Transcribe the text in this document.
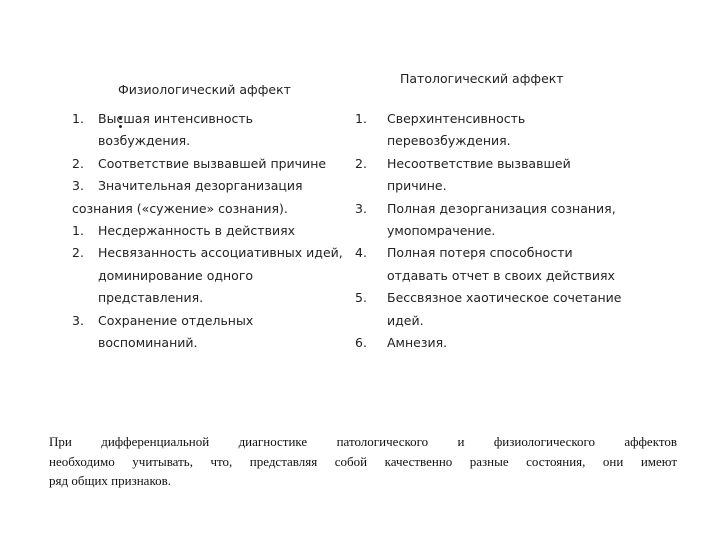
Физиологический аффект
Патологический аффект
1. Высшая интенсивность
возбуждения.
2. Соответствие вызвавшей причине
3. Значительная дезорганизация
сознания («сужение» сознания).
1. Несдержанность в действиях
2. Несвязанность ассоциативных идей,
доминирование одного
представления.
3. Сохранение отдельных
воспоминаний.
1. Сверхинтенсивность
перевозбуждения.
2. Несоответствие вызвавшей
причине.
3. Полная дезорганизация сознания,
умопомрачение.
4. Полная потеря способности
отдавать отчет в своих действиях
5. Бессвязное хаотическое сочетание
идей.
6. Амнезия.
При дифференциальной диагностике патологического и физиологического аффектов
необходимо учитывать, что, представляя собой качественно разные состояния, они имеют
ряд общих признаков.
